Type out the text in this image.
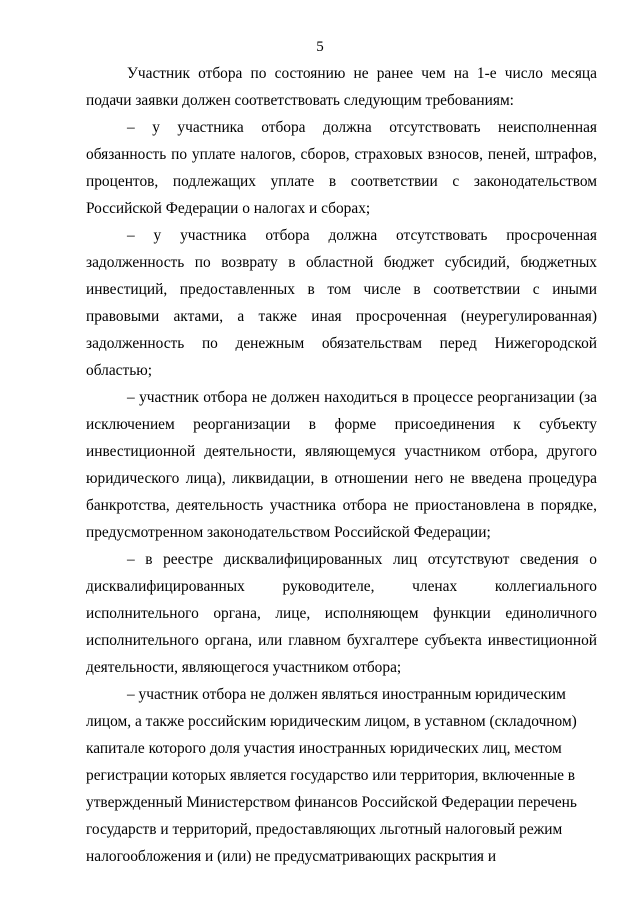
5

Участник отбора по состоянию не ранее чем на 1-е число месяца подачи заявки должен соответствовать следующим требованиям:

– у участника отбора должна отсутствовать неисполненная обязанность по уплате налогов, сборов, страховых взносов, пеней, штрафов, процентов, подлежащих уплате в соответствии с законодательством Российской Федерации о налогах и сборах;

– у участника отбора должна отсутствовать просроченная задолженность по возврату в областной бюджет субсидий, бюджетных инвестиций, предоставленных в том числе в соответствии с иными правовыми актами, а также иная просроченная (неурегулированная) задолженность по денежным обязательствам перед Нижегородской областью;

– участник отбора не должен находиться в процессе реорганизации (за исключением реорганизации в форме присоединения к субъекту инвестиционной деятельности, являющемуся участником отбора, другого юридического лица), ликвидации, в отношении него не введена процедура банкротства, деятельность участника отбора не приостановлена в порядке, предусмотренном законодательством Российской Федерации;

– в реестре дисквалифицированных лиц отсутствуют сведения о дисквалифицированных руководителе, членах коллегиального исполнительного органа, лице, исполняющем функции единоличного исполнительного органа, или главном бухгалтере субъекта инвестиционной деятельности, являющегося участником отбора;

– участник отбора не должен являться иностранным юридическим лицом, а также российским юридическим лицом, в уставном (складочном) капитале которого доля участия иностранных юридических лиц, местом регистрации которых является государство или территория, включенные в утвержденный Министерством финансов Российской Федерации перечень государств и территорий, предоставляющих льготный налоговый режим налогообложения и (или) не предусматривающих раскрытия и
